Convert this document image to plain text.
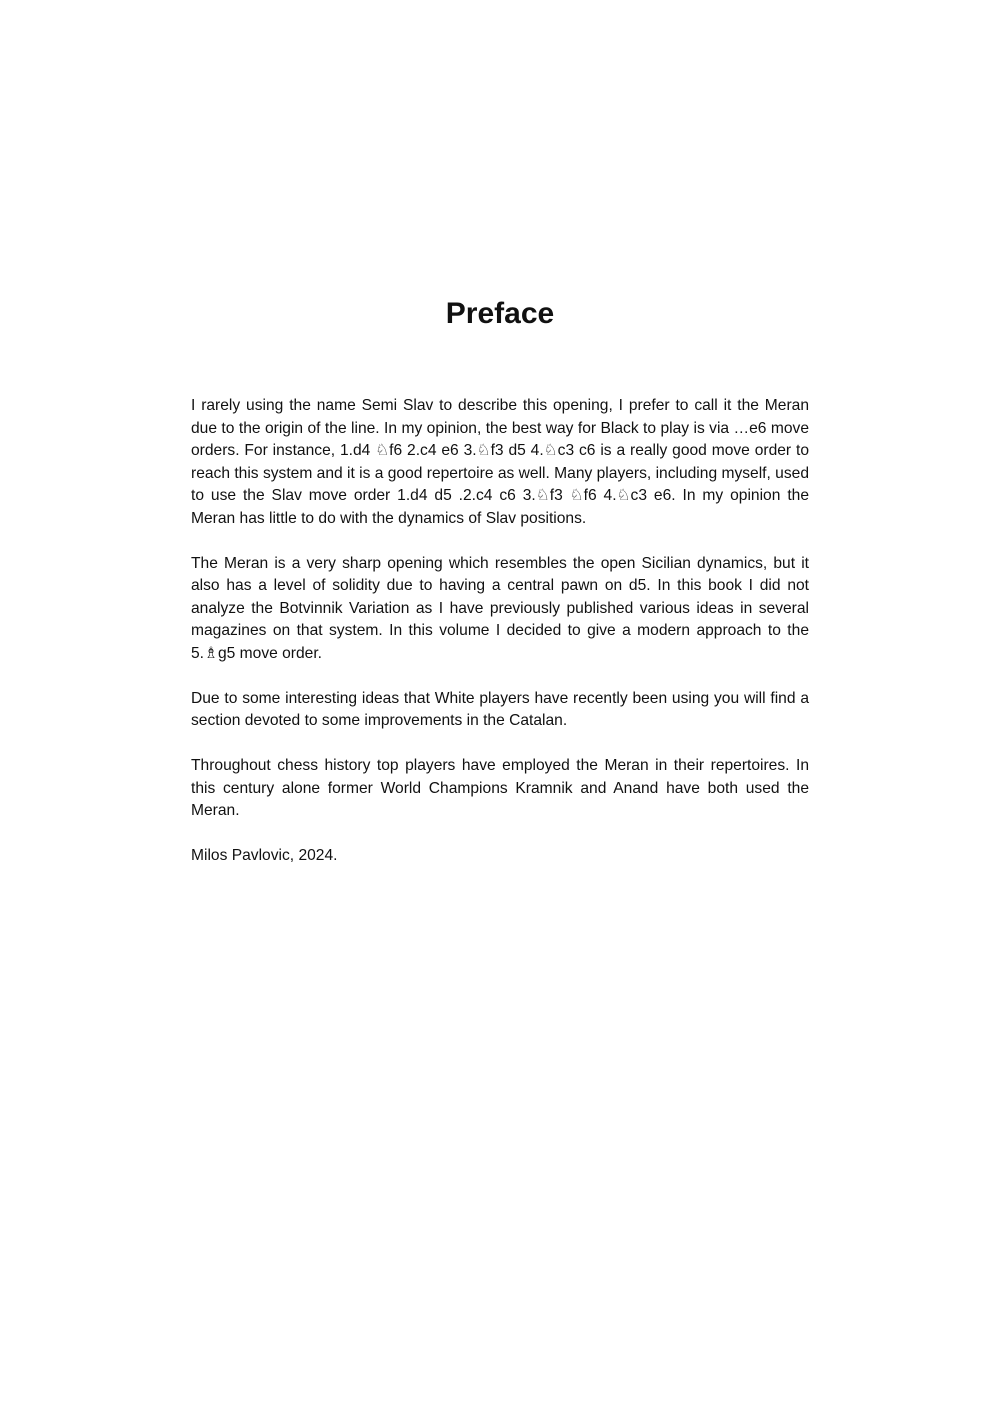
Preface

I rarely using the name Semi Slav to describe this opening, I prefer to call it the Meran due to the origin of the line. In my opinion, the best way for Black to play is via …e6 move orders. For instance, 1.d4 ♘f6 2.c4 e6 3.♘f3 d5 4.♘c3 c6 is a really good move order to reach this system and it is a good repertoire as well. Many players, including myself, used to use the Slav move order 1.d4 d5 .2.c4 c6 3.♘f3 ♘f6 4.♘c3 e6. In my opinion the Meran has little to do with the dynamics of Slav positions.

The Meran is a very sharp opening which resembles the open Sicilian dynamics, but it also has a level of solidity due to having a central pawn on d5. In this book I did not analyze the Botvinnik Variation as I have previously published various ideas in several magazines on that system. In this volume I decided to give a modern approach to the 5.♗g5 move order.

Due to some interesting ideas that White players have recently been using you will find a section devoted to some improvements in the Catalan.

Throughout chess history top players have employed the Meran in their repertoires. In this century alone former World Champions Kramnik and Anand have both used the Meran.

Milos Pavlovic, 2024.
